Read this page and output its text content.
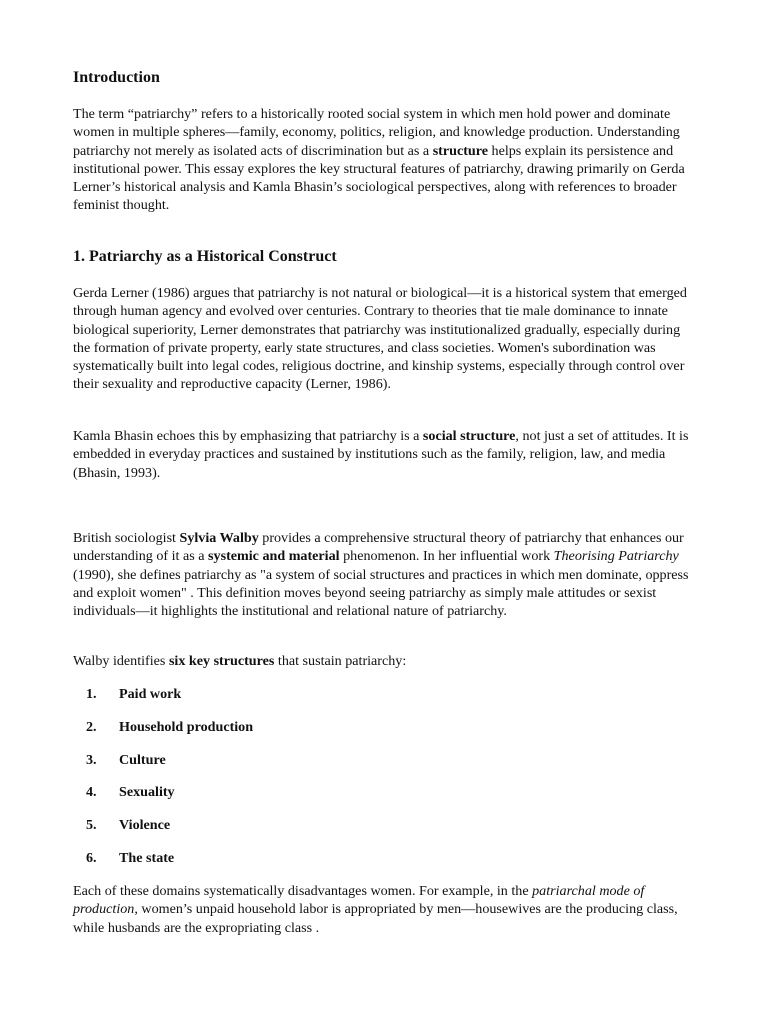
Introduction

The term “patriarchy” refers to a historically rooted social system in which men hold power and dominate women in multiple spheres—family, economy, politics, religion, and knowledge production. Understanding patriarchy not merely as isolated acts of discrimination but as a structure helps explain its persistence and institutional power. This essay explores the key structural features of patriarchy, drawing primarily on Gerda Lerner’s historical analysis and Kamla Bhasin’s sociological perspectives, along with references to broader feminist thought.

1. Patriarchy as a Historical Construct

Gerda Lerner (1986) argues that patriarchy is not natural or biological—it is a historical system that emerged through human agency and evolved over centuries. Contrary to theories that tie male dominance to innate biological superiority, Lerner demonstrates that patriarchy was institutionalized gradually, especially during the formation of private property, early state structures, and class societies. Women's subordination was systematically built into legal codes, religious doctrine, and kinship systems, especially through control over their sexuality and reproductive capacity (Lerner, 1986).

Kamla Bhasin echoes this by emphasizing that patriarchy is a social structure, not just a set of attitudes. It is embedded in everyday practices and sustained by institutions such as the family, religion, law, and media (Bhasin, 1993).

British sociologist Sylvia Walby provides a comprehensive structural theory of patriarchy that enhances our understanding of it as a systemic and material phenomenon. In her influential work Theorising Patriarchy (1990), she defines patriarchy as "a system of social structures and practices in which men dominate, oppress and exploit women" . This definition moves beyond seeing patriarchy as simply male attitudes or sexist individuals—it highlights the institutional and relational nature of patriarchy.

Walby identifies six key structures that sustain patriarchy:

1.	Paid work
2.	Household production
3.	Culture
4.	Sexuality
5.	Violence
6.	The state

Each of these domains systematically disadvantages women. For example, in the patriarchal mode of production, women’s unpaid household labor is appropriated by men—housewives are the producing class, while husbands are the expropriating class .
